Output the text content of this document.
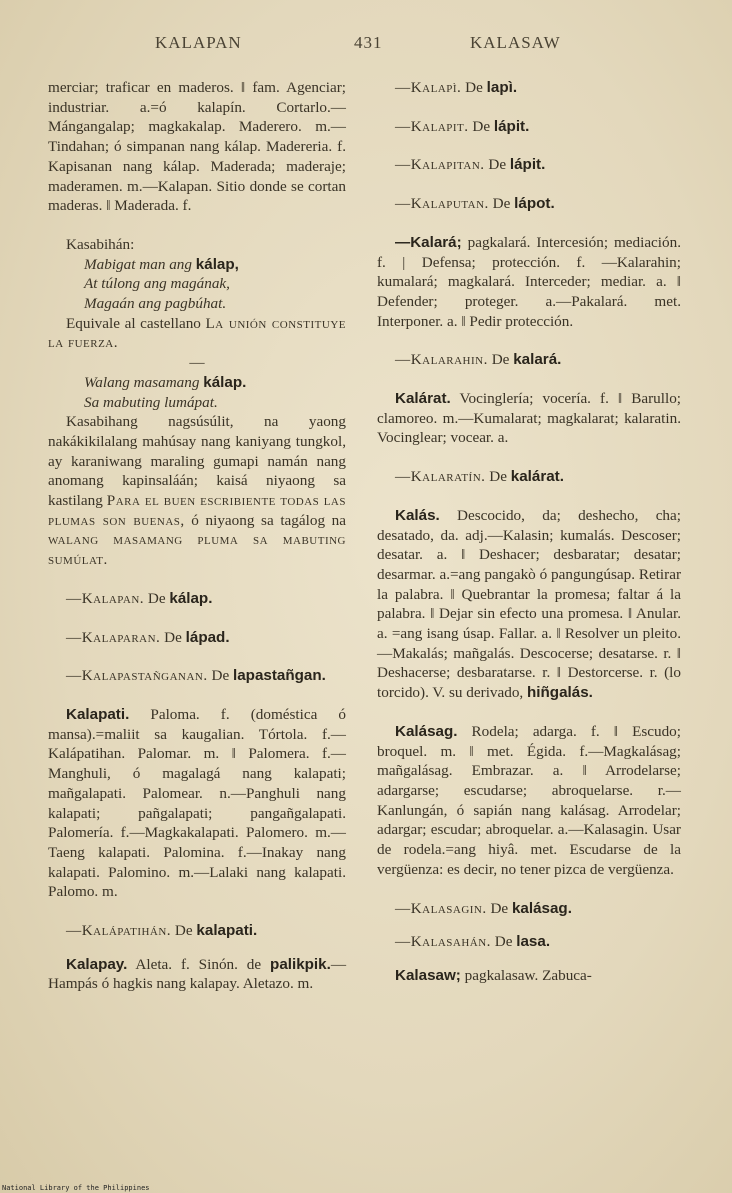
KALAPAN	431	KALASAW

merciar; traficar en maderos. ‖ fam. Agenciar; industriar. a.=ó kalapín. Cortarlo.—Mángangalap; magkakalap. Maderero. m.—Tindahan; ó simpanan nang kálap. Madereria. f. Kapisanan nang kálap. Maderada; maderaje; maderamen. m.—Kalapan. Sitio donde se cortan maderas. ‖ Maderada. f.

Kasabihán:

Mabigat man ang kálap,

At túlong ang magának,

Magaán ang pagbúhat.

Equivale al castellano La unión constituye la fuerza.

—

Walang masamang kálap.

Sa mabuting lumápat.

Kasabihang nagsúsúlit, na yaong nakákikilalang mahúsay nang kaniyang tungkol, ay karaniwang maraling gumapi namán nang anomang kapinsaláán; kaisá niyaong sa kastilang Para el buen escribiente todas las plumas son buenas, ó niyaong sa tagálog na walang masamang pluma sa mabuting sumúlat.

—Kalapan. De kálap.

—Kalaparan. De lápad.

—Kalapastañganan. De lapastañgan.

Kalapati. Paloma. f. (doméstica ó mansa).=maliit sa kaugalian. Tórtola. f.—Kalápatihan. Palomar. m. ‖ Palomera. f.—Manghuli, ó magalagá nang kalapati; mañgalapati. Palomear. n.—Panghuli nang kalapati; pañgalapati; pangañgalapati. Palomería. f.—Magkakalapati. Palomero. m.—Taeng kalapati. Palomina. f.—Inakay nang kalapati. Palomino. m.—Lalaki nang kalapati. Palomo. m.

—Kalápatihán. De kalapati.

Kalapay. Aleta. f. Sinón. de palikpik.—Hampás ó hagkis nang kalapay. Aletazo. m.

—Kalapì. De lapì.

—Kalapit. De lápit.

—Kalapitan. De lápit.

—Kalaputan. De lápot.

—Kalará; pagkalará. Intercesión; mediación. f. | Defensa; protección. f. —Kalarahin; kumalará; magkalará. Interceder; mediar. a. ‖ Defender; proteger. a.—Pakalará. met. Interponer. a. ‖ Pedir protección.

—Kalarahin. De kalará.

Kalárat. Vocinglería; vocería. f. ‖ Barullo; clamoreo. m.—Kumalarat; magkalarat; kalaratin. Vocinglear; vocear. a.

—Kalaratín. De kalárat.

Kalás. Descocido, da; deshecho, cha; desatado, da. adj.—Kalasin; kumalás. Descoser; desatar. a. ‖ Deshacer; desbaratar; desatar; desarmar. a.=ang pangakò ó pangungúsap. Retirar la palabra. ‖ Quebrantar la promesa; faltar á la palabra. ‖ Dejar sin efecto una promesa. ‖ Anular. a. =ang isang úsap. Fallar. a. ‖ Resolver un pleito.—Makalás; mañgalás. Descocerse; desatarse. r. ‖ Deshacerse; desbaratarse. r. ‖ Destorcerse. r. (lo torcido). V. su derivado, hiñgalás.

Kalásag. Rodela; adarga. f. ‖ Escudo; broquel. m. ‖ met. Égida. f.—Magkalásag; mañgalásag. Embrazar. a. ‖ Arrodelarse; adargarse; escudarse; abroquelarse. r.—Kanlungán, ó sapián nang kalásag. Arrodelar; adargar; escudar; abroquelar. a.—Kalasagin. Usar de rodela.=ang hiyâ. met. Escudarse de la vergüenza: es decir, no tener pizca de vergüenza.

—Kalasagin. De kalásag.

—Kalasahán. De lasa.

Kalasaw; pagkalasaw. Zabuca-

National Library of the Philippines
